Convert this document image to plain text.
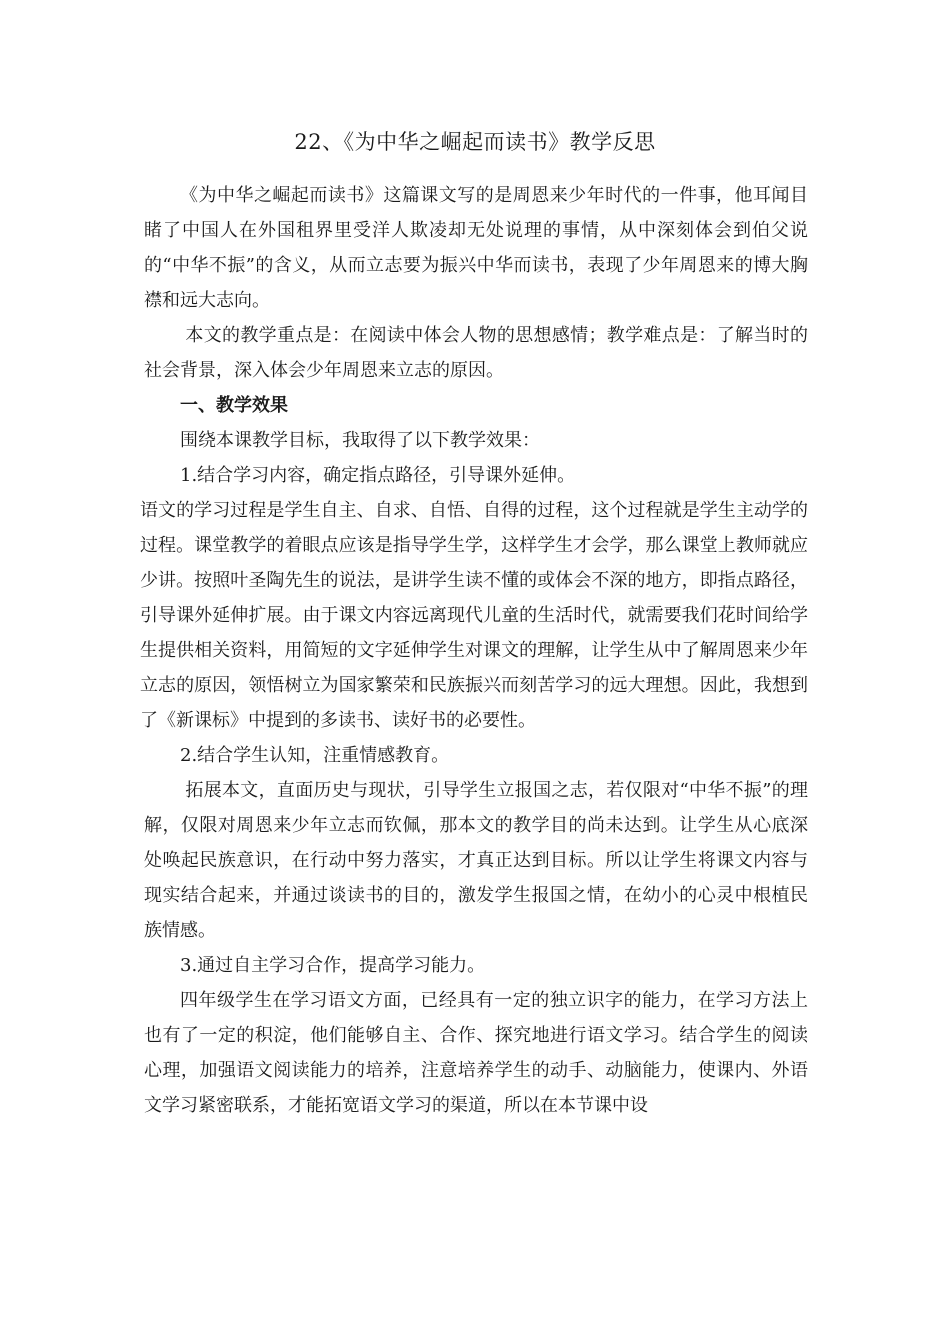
22、《为中华之崛起而读书》教学反思

《为中华之崛起而读书》这篇课文写的是周恩来少年时代的一件事，他耳闻目睹了中国人在外国租界里受洋人欺凌却无处说理的事情，从中深刻体会到伯父说的“中华不振”的含义，从而立志要为振兴中华而读书，表现了少年周恩来的博大胸襟和远大志向。

本文的教学重点是：在阅读中体会人物的思想感情；教学难点是：了解当时的社会背景，深入体会少年周恩来立志的原因。

一、教学效果

围绕本课教学目标，我取得了以下教学效果：

1.结合学习内容，确定指点路径，引导课外延伸。

语文的学习过程是学生自主、自求、自悟、自得的过程，这个过程就是学生主动学的过程。课堂教学的着眼点应该是指导学生学，这样学生才会学，那么课堂上教师就应少讲。按照叶圣陶先生的说法，是讲学生读不懂的或体会不深的地方，即指点路径，引导课外延伸扩展。由于课文内容远离现代儿童的生活时代，就需要我们花时间给学生提供相关资料，用简短的文字延伸学生对课文的理解，让学生从中了解周恩来少年立志的原因，领悟树立为国家繁荣和民族振兴而刻苦学习的远大理想。因此，我想到了《新课标》中提到的多读书、读好书的必要性。

2.结合学生认知，注重情感教育。

拓展本文，直面历史与现状，引导学生立报国之志，若仅限对“中华不振”的理解，仅限对周恩来少年立志而钦佩，那本文的教学目的尚未达到。让学生从心底深处唤起民族意识，在行动中努力落实，才真正达到目标。所以让学生将课文内容与现实结合起来，并通过谈读书的目的，激发学生报国之情，在幼小的心灵中根植民族情感。

3.通过自主学习合作，提高学习能力。

四年级学生在学习语文方面，已经具有一定的独立识字的能力，在学习方法上也有了一定的积淀，他们能够自主、合作、探究地进行语文学习。结合学生的阅读心理，加强语文阅读能力的培养，注意培养学生的动手、动脑能力，使课内、外语文学习紧密联系，才能拓宽语文学习的渠道，所以在本节课中设
